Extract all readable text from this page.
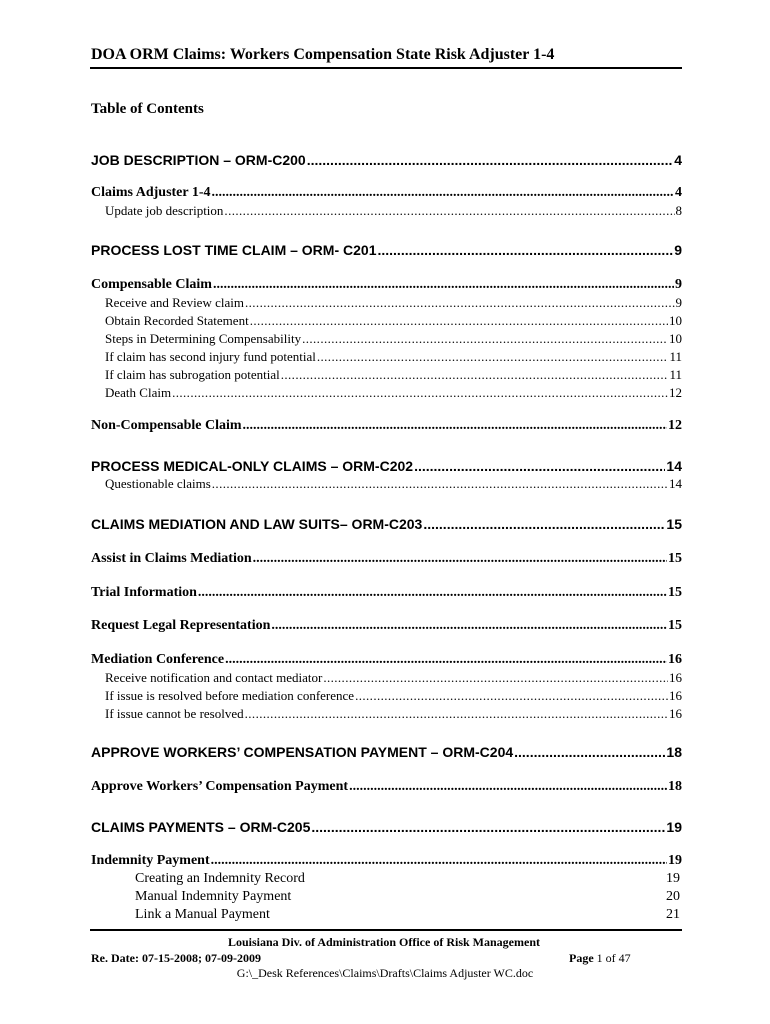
DOA ORM Claims: Workers Compensation State Risk Adjuster 1-4
Table of Contents
JOB DESCRIPTION – ORM-C200 .....	4
Claims Adjuster 1-4 .....	4
Update job description .....	8
PROCESS LOST TIME CLAIM – ORM- C201 .....	9
Compensable Claim .....	9
Receive and Review claim .....	9
Obtain Recorded Statement .....	10
Steps in Determining Compensability .....	10
If claim has second injury fund potential .....	11
If claim has subrogation potential .....	11
Death Claim .....	12
Non-Compensable Claim .....	12
PROCESS MEDICAL-ONLY CLAIMS – ORM-C202 .....	14
Questionable claims .....	14
CLAIMS MEDIATION AND LAW SUITS– ORM-C203 .....	15
Assist in Claims Mediation .....	15
Trial Information .....	15
Request Legal Representation .....	15
Mediation Conference .....	16
Receive notification and contact mediator .....	16
If issue is resolved before mediation conference .....	16
If issue cannot be resolved .....	16
APPROVE WORKERS’ COMPENSATION PAYMENT – ORM-C204 .....	18
Approve Workers’ Compensation Payment .....	18
CLAIMS PAYMENTS – ORM-C205 .....	19
Indemnity Payment .....	19
Creating an Indemnity Record	19
Manual Indemnity Payment	20
Link a Manual Payment	21
Louisiana Div. of Administration Office of Risk Management
Re. Date: 07-15-2008; 07-09-2009	Page 1 of 47
G:\_Desk References\Claims\Drafts\Claims Adjuster WC.doc
